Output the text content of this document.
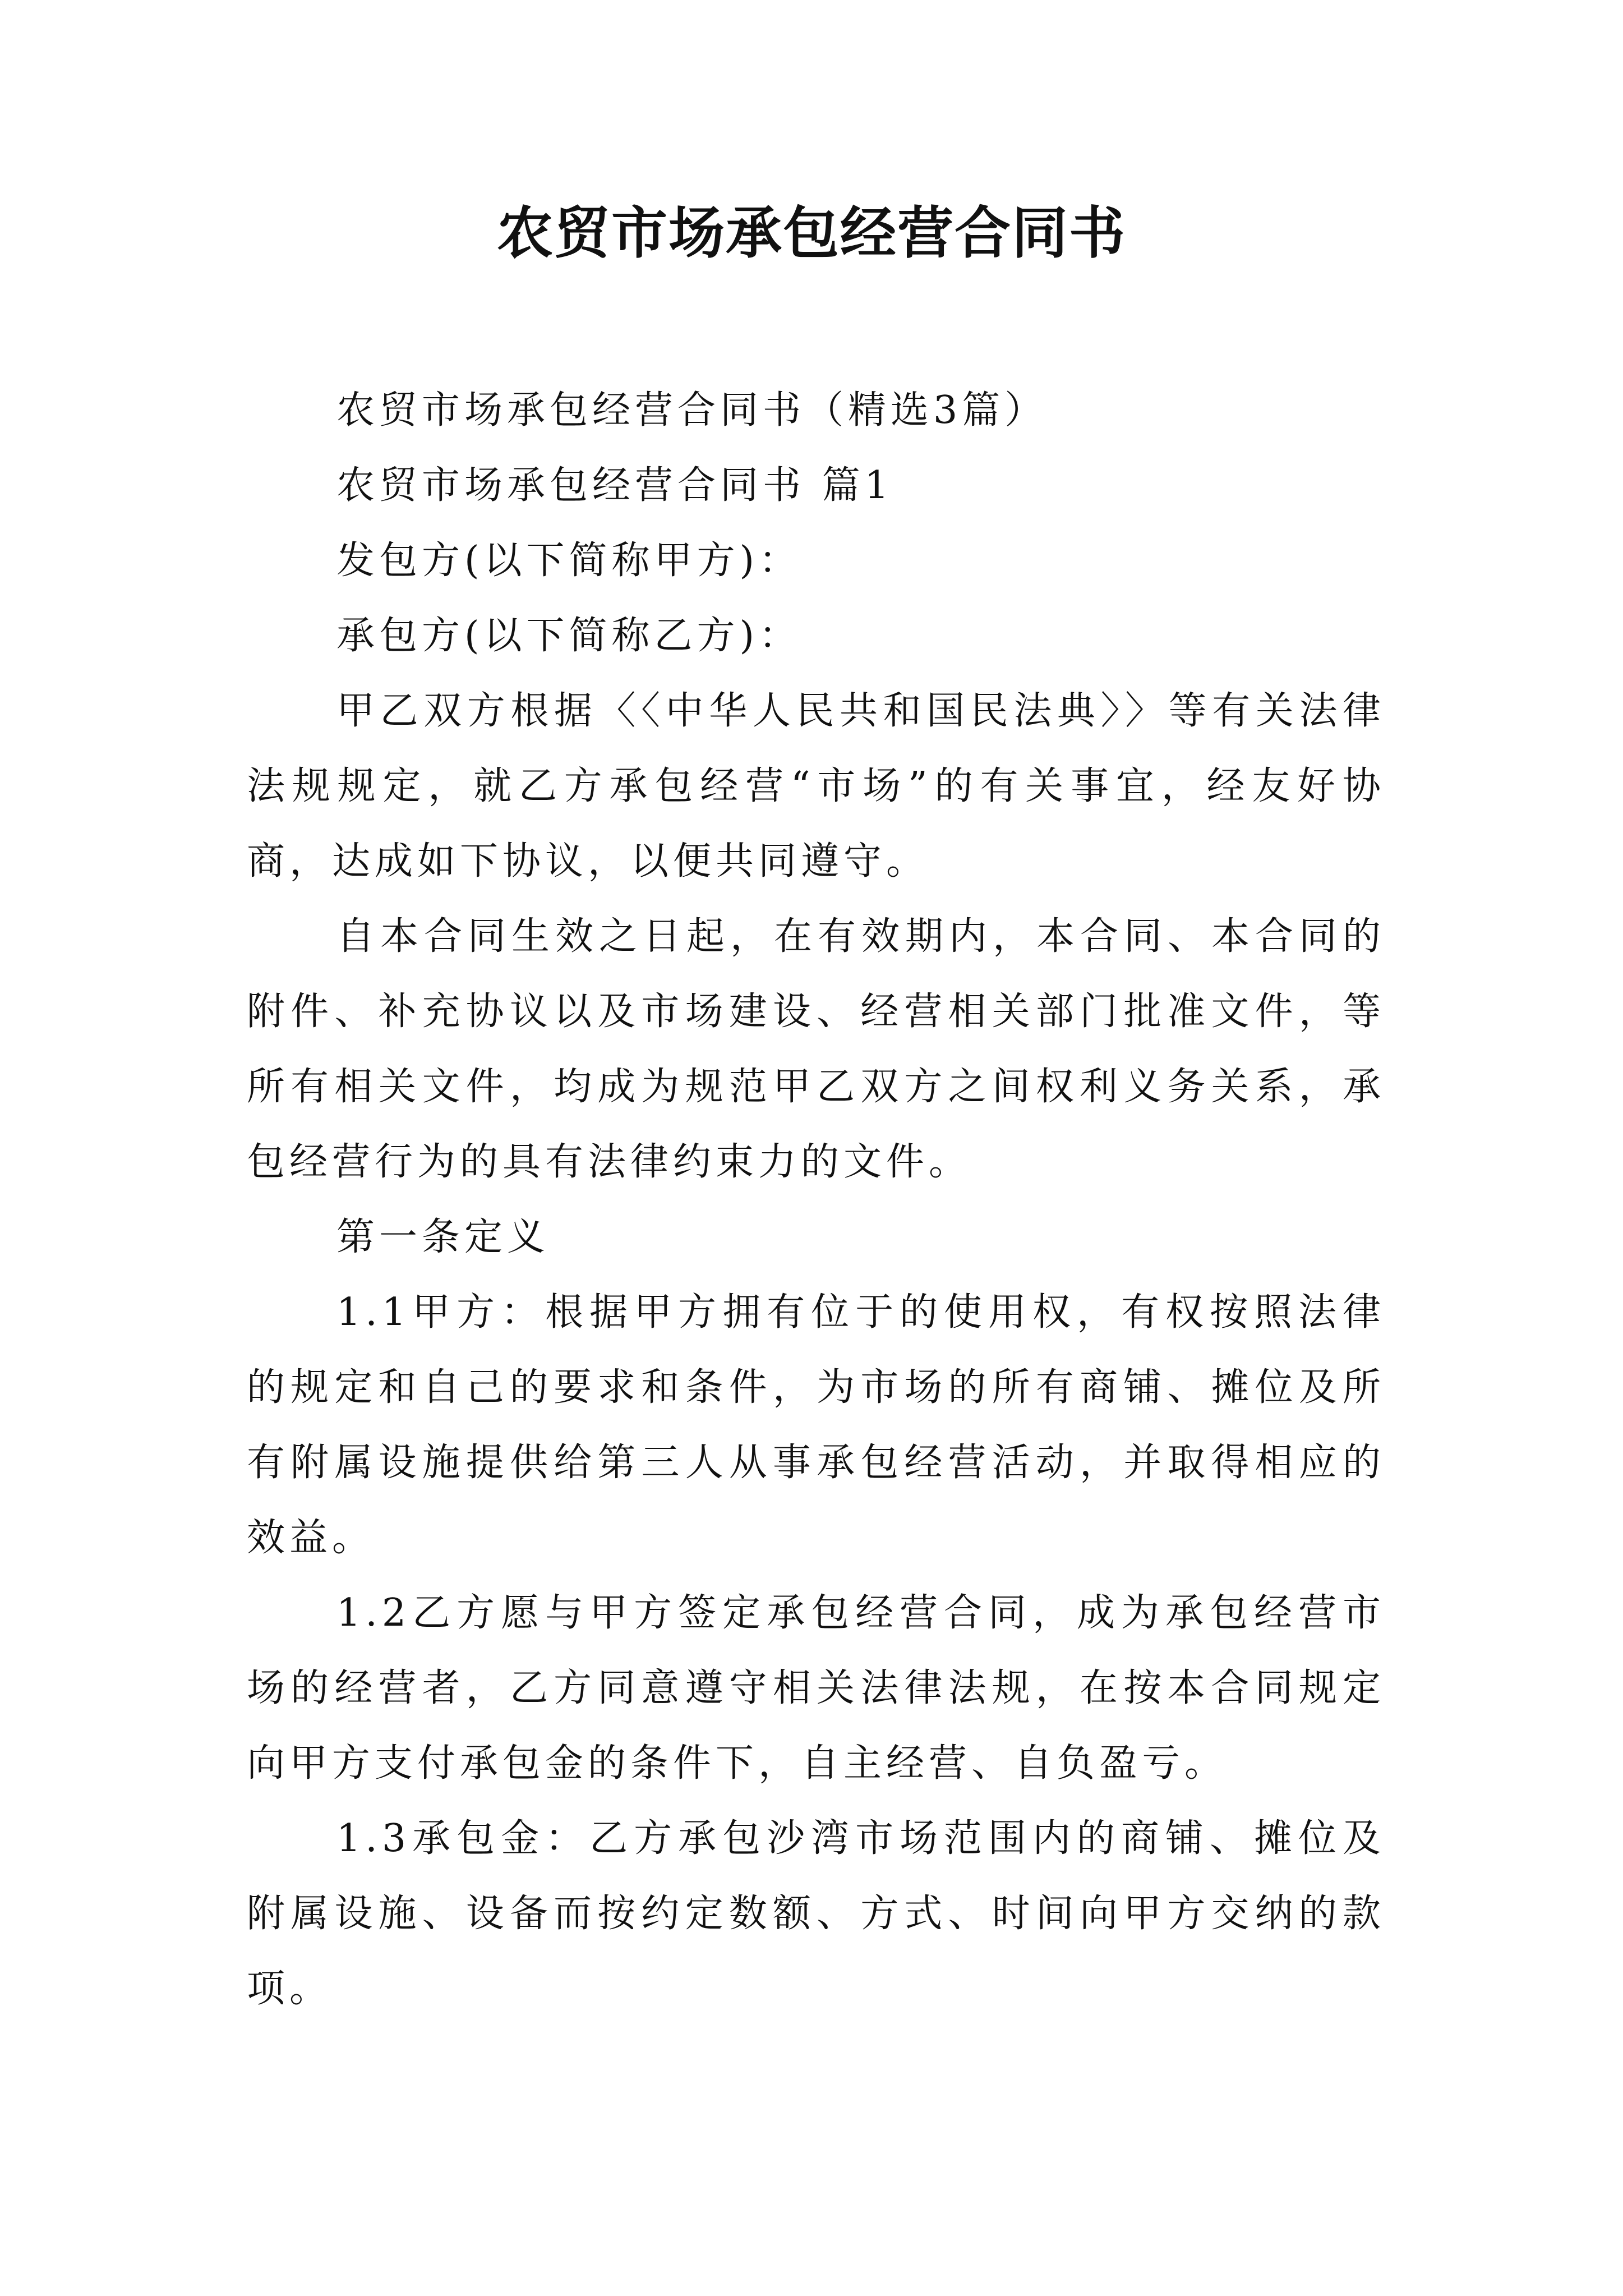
农贸市场承包经营合同书

农贸市场承包经营合同书（精选3篇）

农贸市场承包经营合同书 篇1

发包方(以下简称甲方)：

承包方(以下简称乙方)：

甲乙双方根据〈〈中华人民共和国民法典〉〉等有关法律法规规定，就乙方承包经营“市场”的有关事宜，经友好协商，达成如下协议，以便共同遵守。

自本合同生效之日起，在有效期内，本合同、本合同的附件、补充协议以及市场建设、经营相关部门批准文件，等所有相关文件，均成为规范甲乙双方之间权利义务关系，承包经营行为的具有法律约束力的文件。

第一条定义

1.1甲方：根据甲方拥有位于的使用权，有权按照法律的规定和自己的要求和条件，为市场的所有商铺、摊位及所有附属设施提供给第三人从事承包经营活动，并取得相应的效益。

1.2乙方愿与甲方签定承包经营合同，成为承包经营市场的经营者，乙方同意遵守相关法律法规，在按本合同规定向甲方支付承包金的条件下，自主经营、自负盈亏。

1.3承包金：乙方承包沙湾市场范围内的商铺、摊位及附属设施、设备而按约定数额、方式、时间向甲方交纳的款项。
